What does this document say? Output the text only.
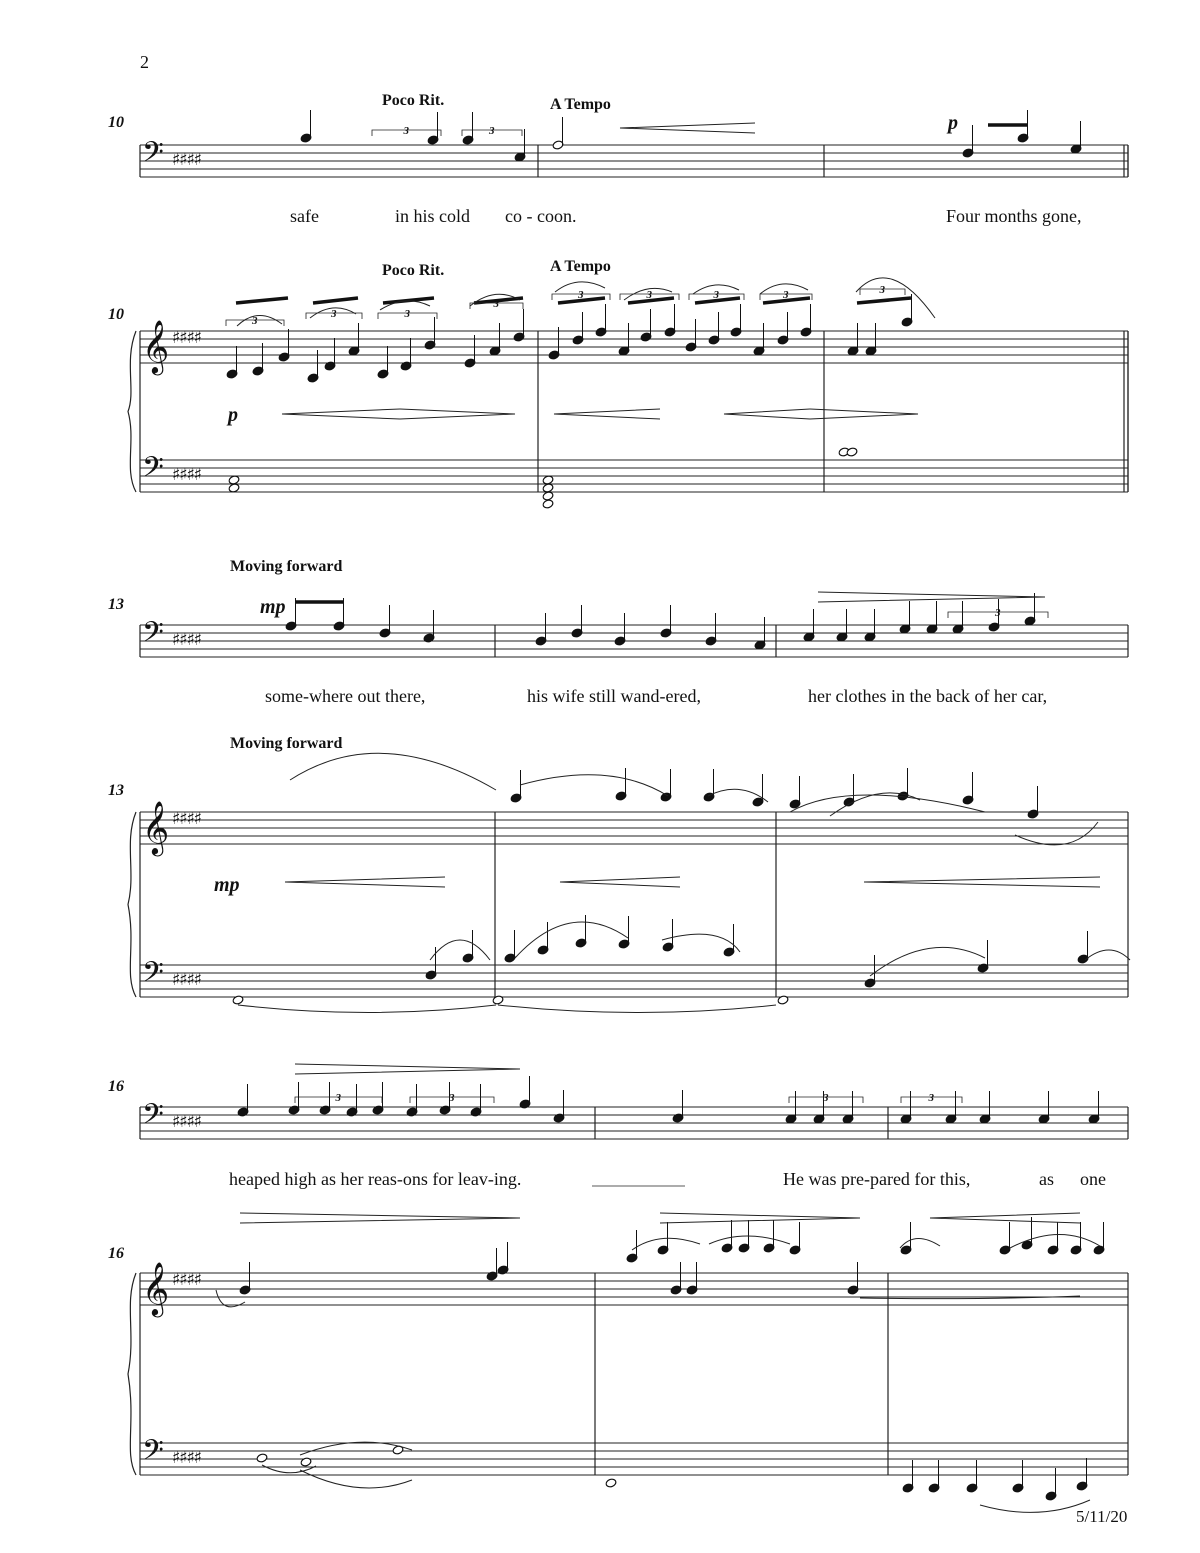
2
5/11/20
10
Poco Rit.	A Tempo
p
safe	in his cold co - coon.	Four months gone,
10
Poco Rit.	A Tempo
p
Moving forward
13	mp
some-where out there,	his wife still wand-ered,	her clothes in the back of her car,
Moving forward
13
mp
16
heaped high as her reas-ons for leav-ing.	He was pre-pared for this,	as one
16
𝄢 ♯♯♯♯
𝄞 ♯♯♯♯
𝄢 ♯♯♯♯
𝄢 ♯♯♯♯
𝄞 ♯♯♯♯
𝄢 ♯♯♯♯
𝄢 ♯♯♯♯
𝄞 ♯♯♯♯
𝄢 ♯♯♯♯
3	3
3
3	3
3
3	3	3	3	3
3
3	3	3	3
